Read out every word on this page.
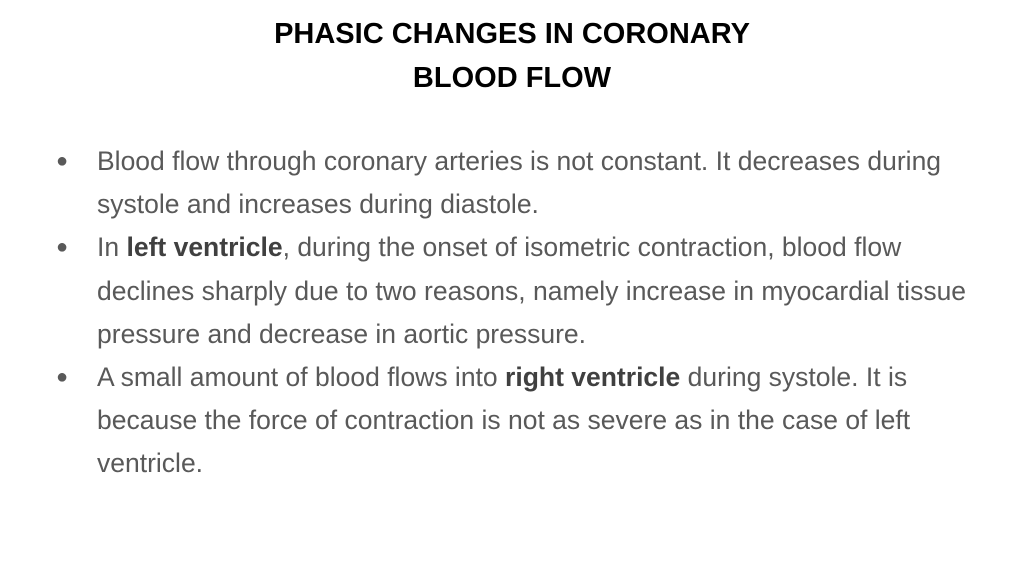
PHASIC CHANGES IN CORONARY
BLOOD FLOW
● Blood flow through coronary arteries is not constant. It decreases during systole and increases during diastole.
● In left ventricle, during the onset of isometric contraction, blood flow declines sharply due to two reasons, namely increase in myocardial tissue pressure and decrease in aortic pressure.
● A small amount of blood flows into right ventricle during systole. It is because the force of contraction is not as severe as in the case of left ventricle.
